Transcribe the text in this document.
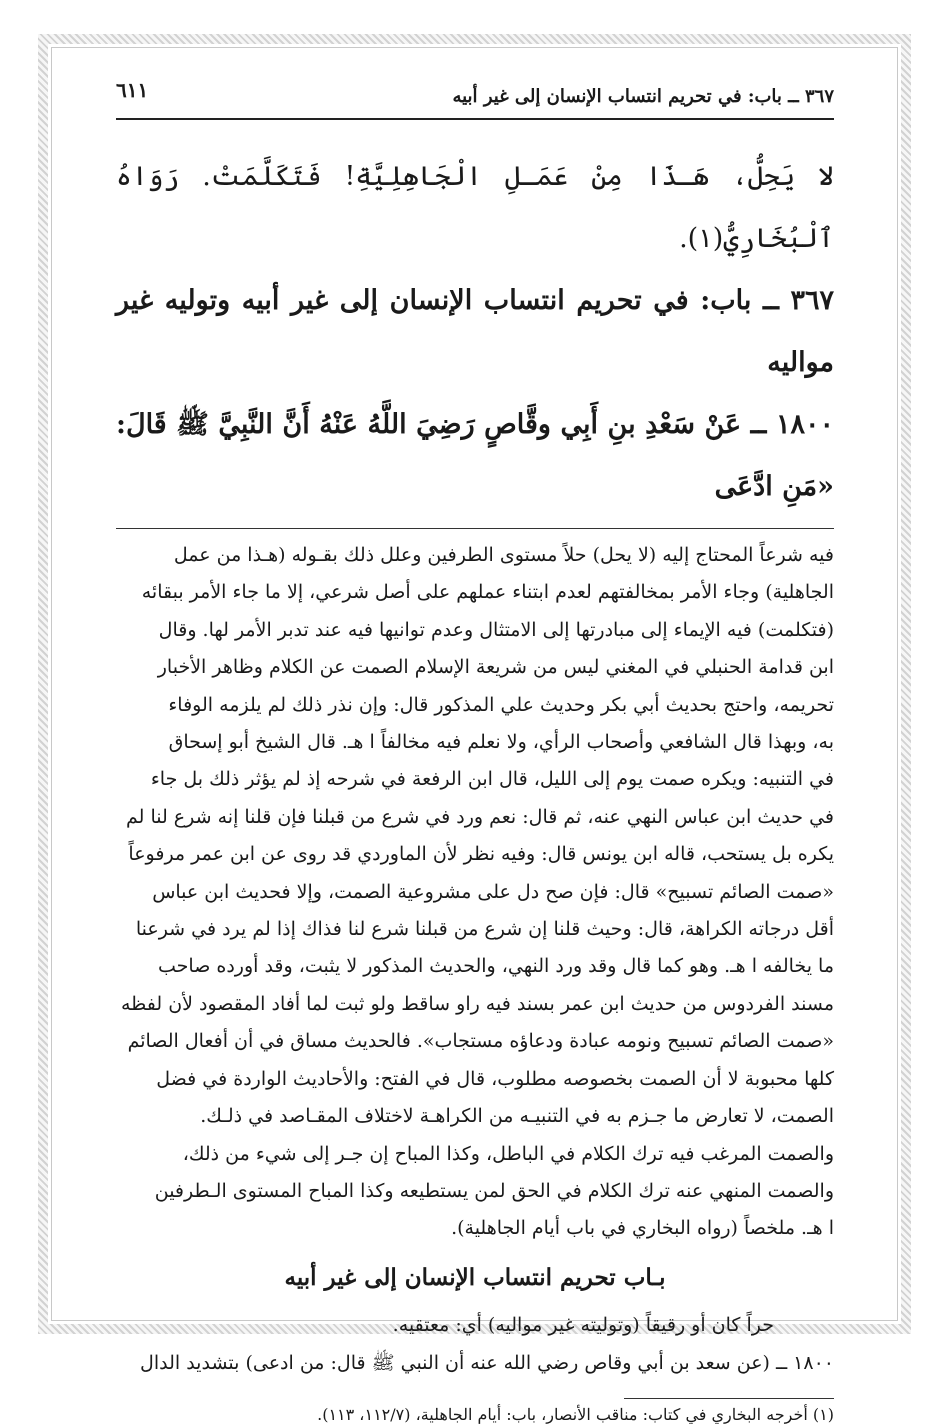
٦١١	٣٦٧ ــ باب: في تحريم انتساب الإنسان إلى غير أبيه

لا يَحِلُّ، هَـذَا مِنْ عَمَـلِ الْجَاهِلِيَّةِ! فَتَكَلَّمَتْ. رَوَاهُ ٱلْبُخَارِيُّ(١).

٣٦٧ ــ باب: في تحريم انتساب الإنسان إلى غير أبيه وتوليه غير مواليه

١٨٠٠ ــ عَنْ سَعْدِ بنِ أَبِي وقَّاصٍ رَضِيَ اللَّهُ عَنْهُ أَنَّ النَّبِيَّ ﷺ قَالَ: «مَنِ ادَّعَى

فيه شرعاً المحتاج إليه (لا يحل) حلاً مستوى الطرفين وعلل ذلك بقـوله (هـذا من عمل

الجاهلية) وجاء الأمر بمخالفتهم لعدم ابتناء عملهم على أصل شرعي، إلا ما جاء الأمر ببقائه

(فتكلمت) فيه الإيماء إلى مبادرتها إلى الامتثال وعدم توانيها فيه عند تدبر الأمر لها. وقال

ابن قدامة الحنبلي في المغني ليس من شريعة الإسلام الصمت عن الكلام وظاهر الأخبار

تحريمه، واحتج بحديث أبي بكر وحديث علي المذكور قال: وإن نذر ذلك لم يلزمه الوفاء

به، وبهذا قال الشافعي وأصحاب الرأي، ولا نعلم فيه مخالفاً ا هـ. قال الشيخ أبو إسحاق

في التنبيه: ويكره صمت يوم إلى الليل، قال ابن الرفعة في شرحه إذ لم يؤثر ذلك بل جاء

في حديث ابن عباس النهي عنه، ثم قال: نعم ورد في شرع من قبلنا فإن قلنا إنه شرع لنا لم

يكره بل يستحب، قاله ابن يونس قال: وفيه نظر لأن الماوردي قد روى عن ابن عمر مرفوعاً

«صمت الصائم تسبيح» قال: فإن صح دل على مشروعية الصمت، وإلا فحديث ابن عباس

أقل درجاته الكراهة، قال: وحيث قلنا إن شرع من قبلنا شرع لنا فذاك إذا لم يرد في شرعنا

ما يخالفه ا هـ. وهو كما قال وقد ورد النهي، والحديث المذكور لا يثبت، وقد أورده صاحب

مسند الفردوس من حديث ابن عمر بسند فيه راو ساقط ولو ثبت لما أفاد المقصود لأن لفظه

«صمت الصائم تسبيح ونومه عبادة ودعاؤه مستجاب». فالحديث مساق في أن أفعال الصائم

كلها محبوبة لا أن الصمت بخصوصه مطلوب، قال في الفتح: والأحاديث الواردة في فضل

الصمت، لا تعارض ما جـزم به في التنبيـه من الكراهـة لاختلاف المقـاصد في ذلـك.

والصمت المرغب فيه ترك الكلام في الباطل، وكذا المباح إن جـر إلى شيء من ذلك،

والصمت المنهي عنه ترك الكلام في الحق لمن يستطيعه وكذا المباح المستوى الـطرفين

ا هـ. ملخصاً (رواه البخاري في باب أيام الجاهلية).

بـاب تحريم انتساب الإنسان إلى غير أبيه
حراً كان أو رقيقاً (وتوليته غير مواليه) أي: معتقيه.
١٨٠٠ ــ (عن سعد بن أبي وقاص رضي الله عنه أن النبي ﷺ قال: من ادعى) بتشديد الدال
(١) أخرجه البخاري في كتاب: مناقب الأنصار، باب: أيام الجاهلية، (١١٢/٧، ١١٣).
